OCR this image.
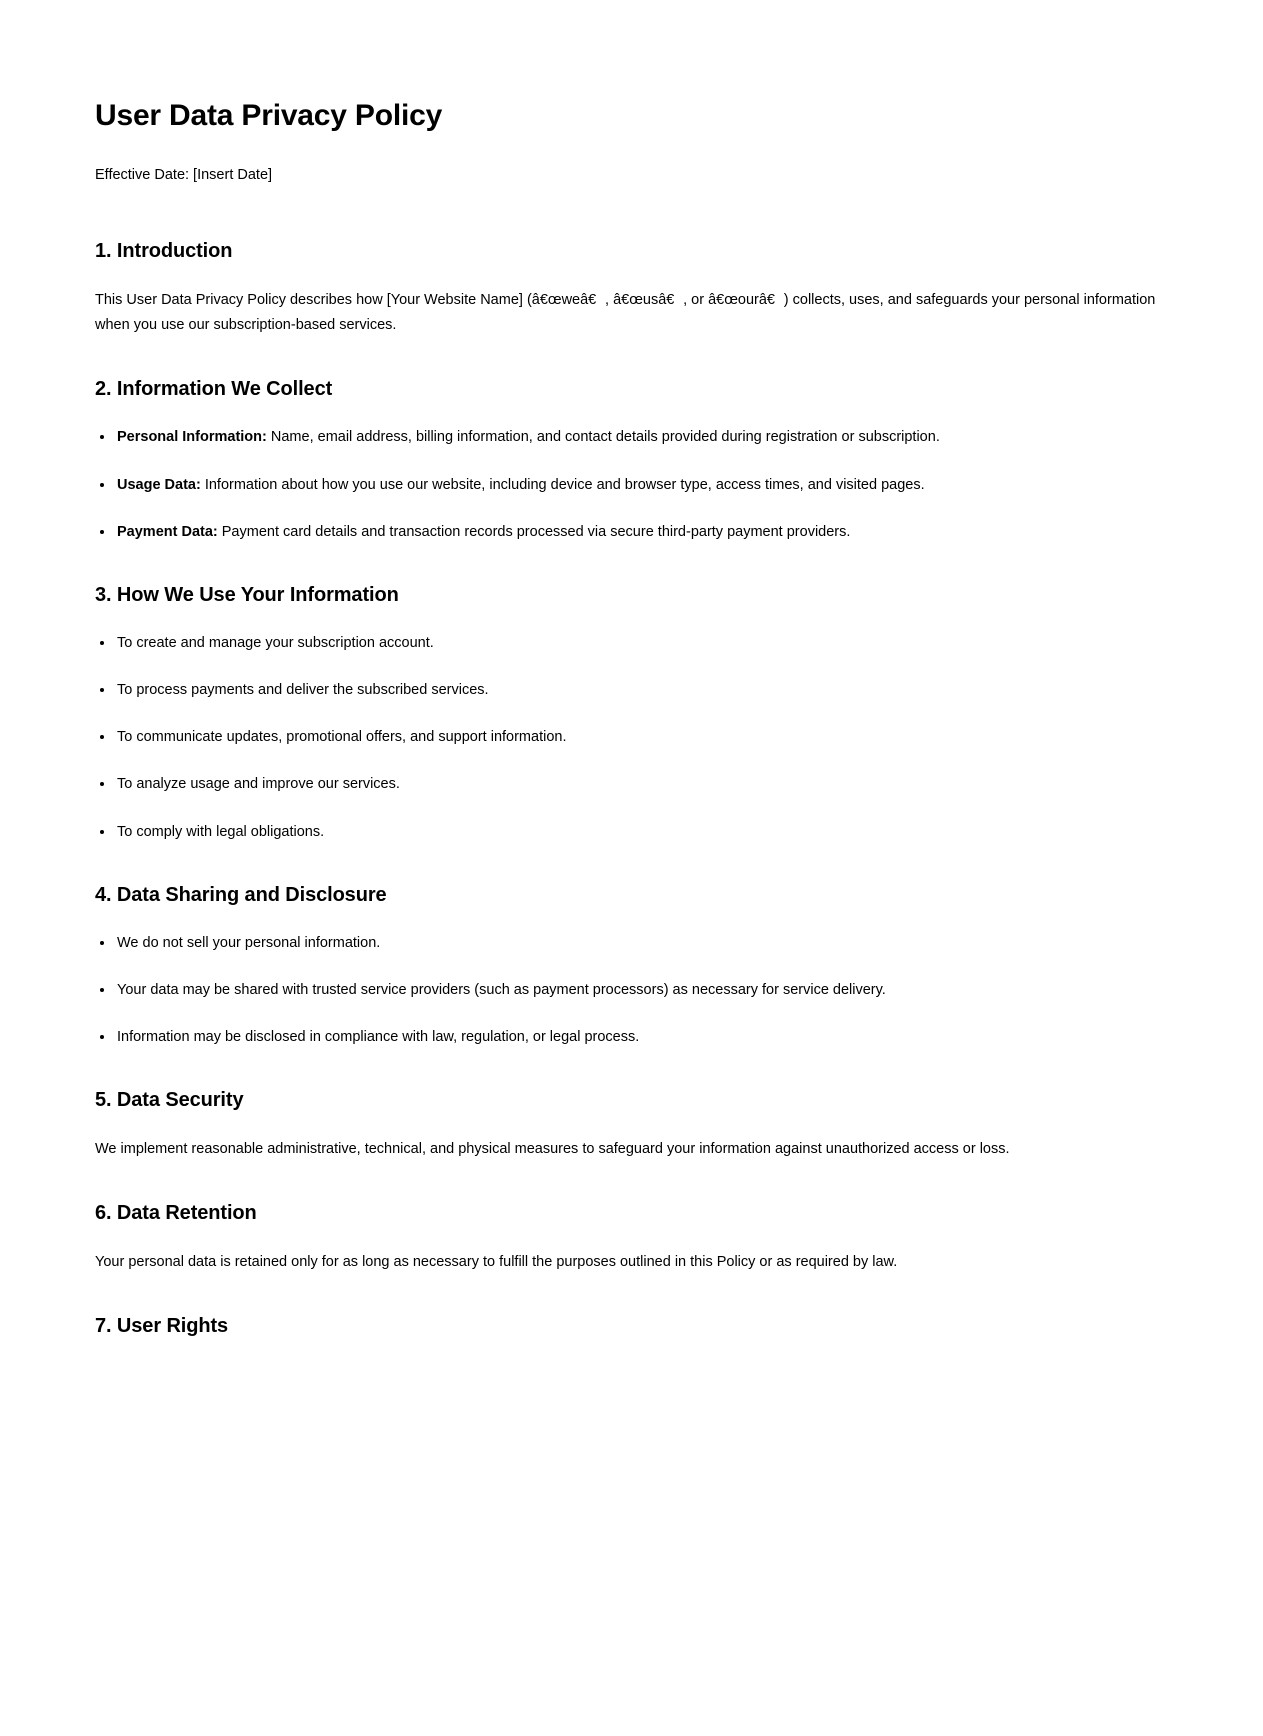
User Data Privacy Policy

Effective Date: [Insert Date]

1. Introduction

This User Data Privacy Policy describes how [Your Website Name] (â€œweâ€, â€œusâ€, or â€œourâ€) collects, uses, and safeguards your personal information when you use our subscription-based services.

2. Information We Collect
Personal Information: Name, email address, billing information, and contact details provided during registration or subscription.
Usage Data: Information about how you use our website, including device and browser type, access times, and visited pages.
Payment Data: Payment card details and transaction records processed via secure third-party payment providers.
3. How We Use Your Information
To create and manage your subscription account.
To process payments and deliver the subscribed services.
To communicate updates, promotional offers, and support information.
To analyze usage and improve our services.
To comply with legal obligations.
4. Data Sharing and Disclosure
We do not sell your personal information.
Your data may be shared with trusted service providers (such as payment processors) as necessary for service delivery.
Information may be disclosed in compliance with law, regulation, or legal process.
5. Data Security

We implement reasonable administrative, technical, and physical measures to safeguard your information against unauthorized access or loss.

6. Data Retention

Your personal data is retained only for as long as necessary to fulfill the purposes outlined in this Policy or as required by law.

7. User Rights
